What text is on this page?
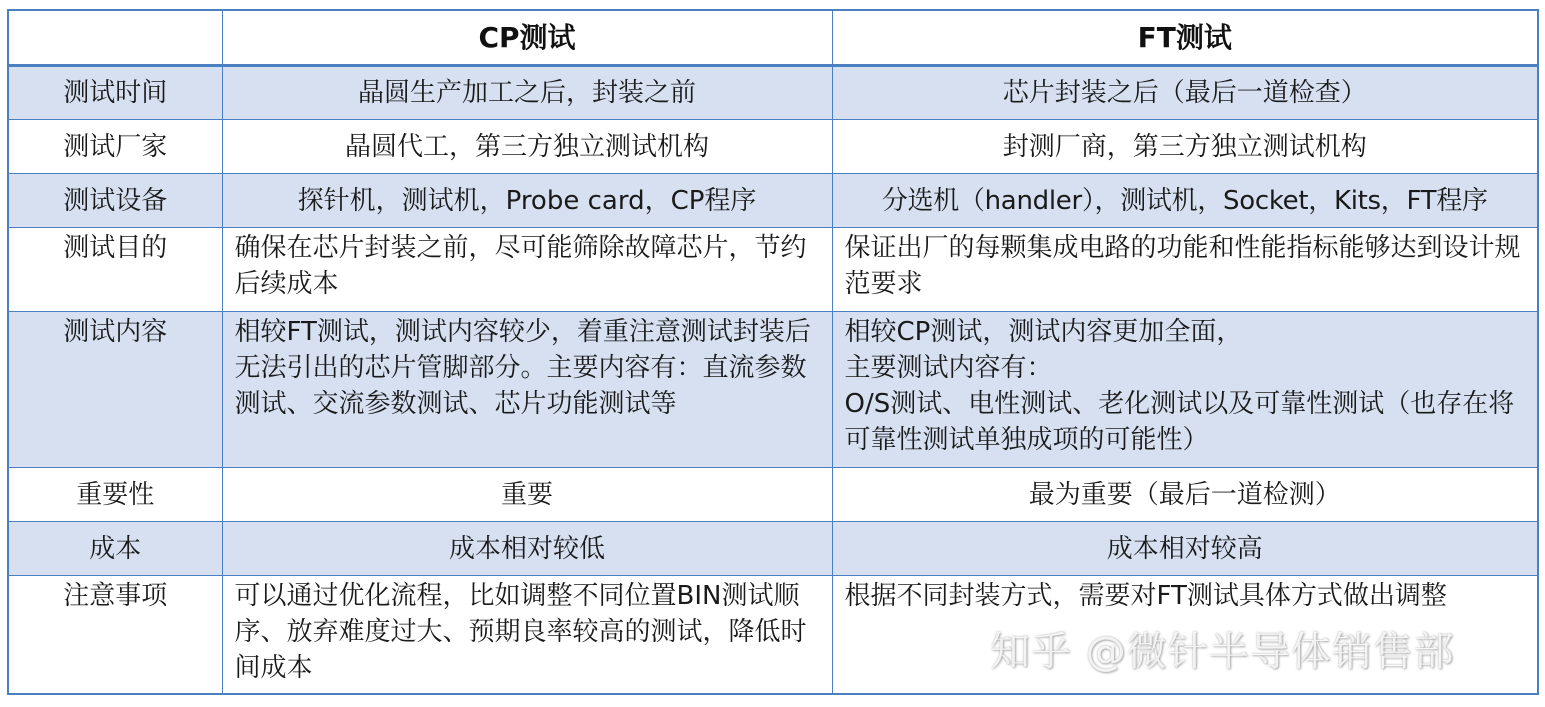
	CP测试	FT测试
测试时间	晶圆生产加工之后，封装之前	芯片封装之后（最后一道检查）
测试厂家	晶圆代工，第三方独立测试机构	封测厂商，第三方独立测试机构
测试设备	探针机，测试机，Probe card，CP程序	分选机（handler），测试机，Socket，Kits，FT程序
测试目的	确保在芯片封装之前，尽可能筛除故障芯片，节约后续成本	保证出厂的每颗集成电路的功能和性能指标能够达到设计规范要求
测试内容	相较FT测试，测试内容较少，着重注意测试封装后无法引出的芯片管脚部分。主要内容有：直流参数测试、交流参数测试、芯片功能测试等	相较CP测试，测试内容更加全面，
主要测试内容有：
O/S测试、电性测试、老化测试以及可靠性测试（也存在将可靠性测试单独成项的可能性）
重要性	重要	最为重要（最后一道检测）
成本	成本相对较低	成本相对较高
注意事项	可以通过优化流程，比如调整不同位置BIN测试顺序、放弃难度过大、预期良率较高的测试，降低时间成本	根据不同封装方式，需要对FT测试具体方式做出调整
知乎 @微针半导体销售部
